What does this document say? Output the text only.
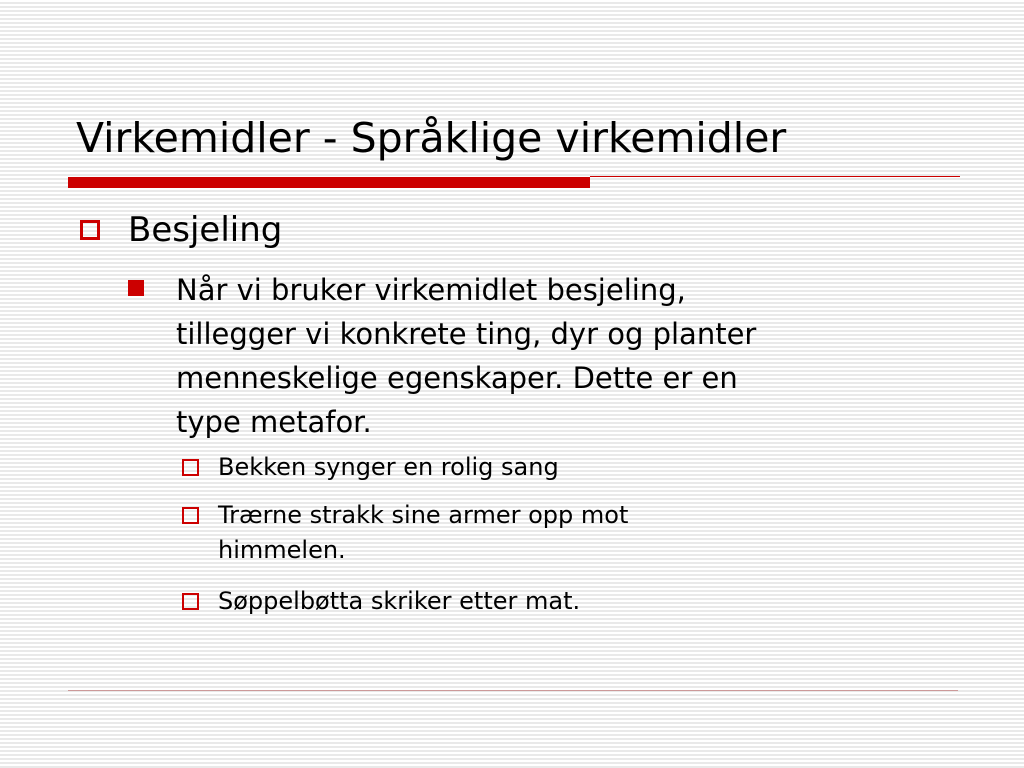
Virkemidler - Språklige virkemidler
Besjeling
Når vi bruker virkemidlet besjeling,
tillegger vi konkrete ting, dyr og planter
menneskelige egenskaper. Dette er en
type metafor.
Bekken synger en rolig sang
Trærne strakk sine armer opp mot
himmelen.
Søppelbøtta skriker etter mat.
